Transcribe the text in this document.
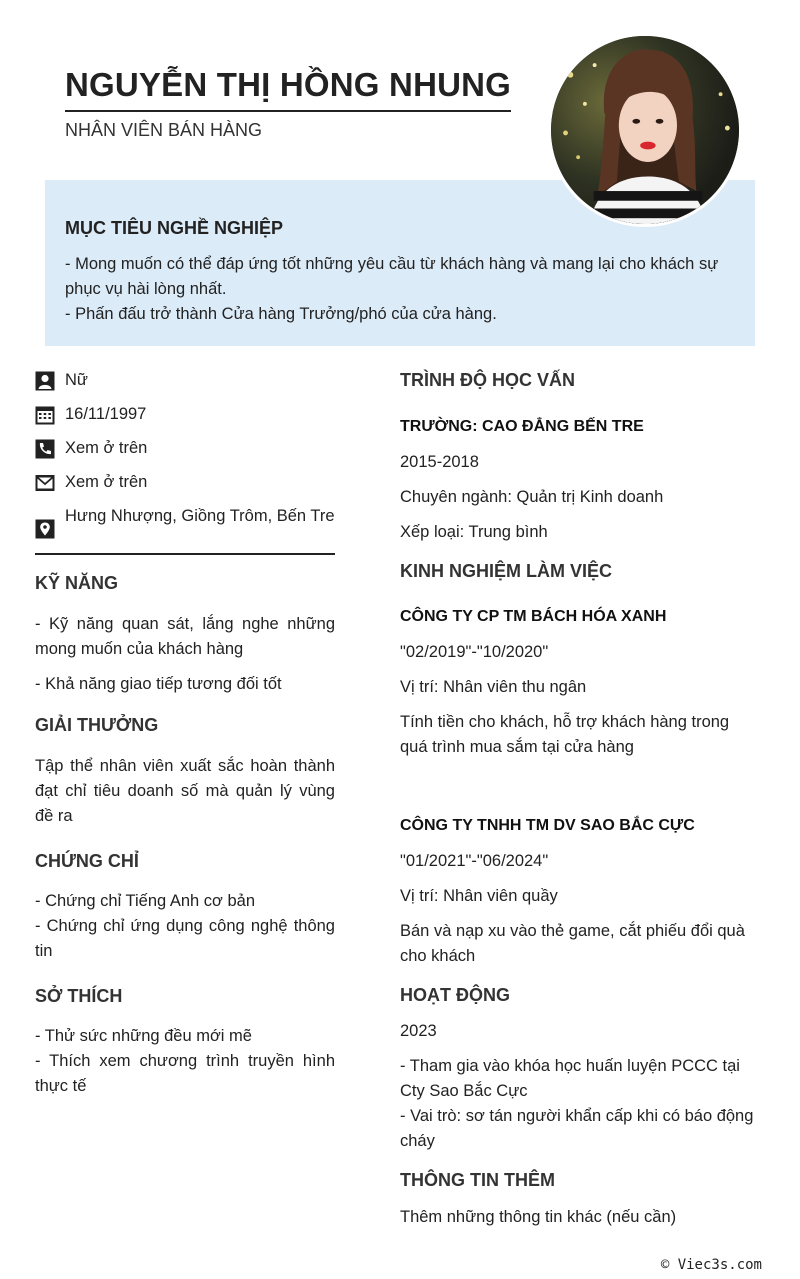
NGUYỄN THỊ HỒNG NHUNG
NHÂN VIÊN BÁN HÀNG
MỤC TIÊU NGHỀ NGHIỆP
- Mong muốn có thể đáp ứng tốt những yêu cầu từ khách hàng và mang lại cho khách sự phục vụ hài lòng nhất.
- Phấn đấu trở thành Cửa hàng Trưởng/phó của cửa hàng.
Nữ
16/11/1997
Xem ở trên
Xem ở trên
Hưng Nhượng, Giồng Trôm, Bến Tre
KỸ NĂNG
- Kỹ năng quan sát, lắng nghe những mong muốn của khách hàng
- Khả năng giao tiếp tương đối tốt
GIẢI THƯỞNG
Tập thể nhân viên xuất sắc hoàn thành đạt chỉ tiêu doanh số mà quản lý vùng đề ra
CHỨNG CHỈ
- Chứng chỉ Tiếng Anh cơ bản
- Chứng chỉ ứng dụng công nghệ thông tin
SỞ THÍCH
- Thử sức những đều mới mẽ
- Thích xem chương trình truyền hình thực tế
TRÌNH ĐỘ HỌC VẤN
TRƯỜNG: CAO ĐẲNG BẾN TRE
2015-2018
Chuyên ngành: Quản trị Kinh doanh
Xếp loại: Trung bình
KINH NGHIỆM LÀM VIỆC
CÔNG TY CP TM BÁCH HÓA XANH
"02/2019"-"10/2020"
Vị trí: Nhân viên thu ngân
Tính tiền cho khách, hỗ trợ khách hàng trong quá trình mua sắm tại cửa hàng
CÔNG TY TNHH TM DV SAO BẮC CỰC
"01/2021"-"06/2024"
Vị trí: Nhân viên quầy
Bán và nạp xu vào thẻ game, cắt phiếu đổi quà cho khách
HOẠT ĐỘNG
2023
- Tham gia vào khóa học huấn luyện PCCC tại Cty Sao Bắc Cực
- Vai trò: sơ tán người khẩn cấp khi có báo động cháy
THÔNG TIN THÊM
Thêm những thông tin khác (nếu cần)
© Viec3s.com
